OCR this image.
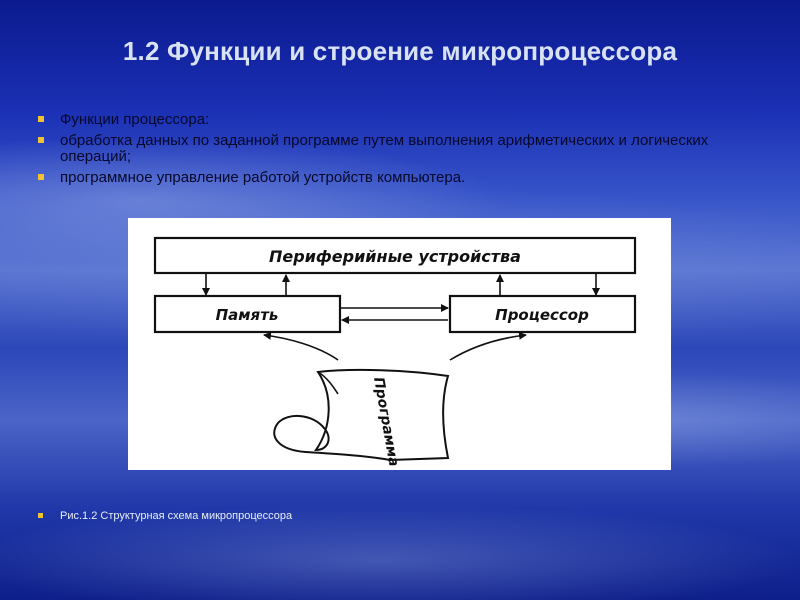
1.2 Функции и строение микропроцессора
Функции процессора:
обработка данных по заданной программе путем выполнения арифметических и логических операций;
программное управление работой устройств компьютера.
Периферийные устройства
Память	Процессор
Программа
Рис.1.2 Структурная схема микропроцессора
